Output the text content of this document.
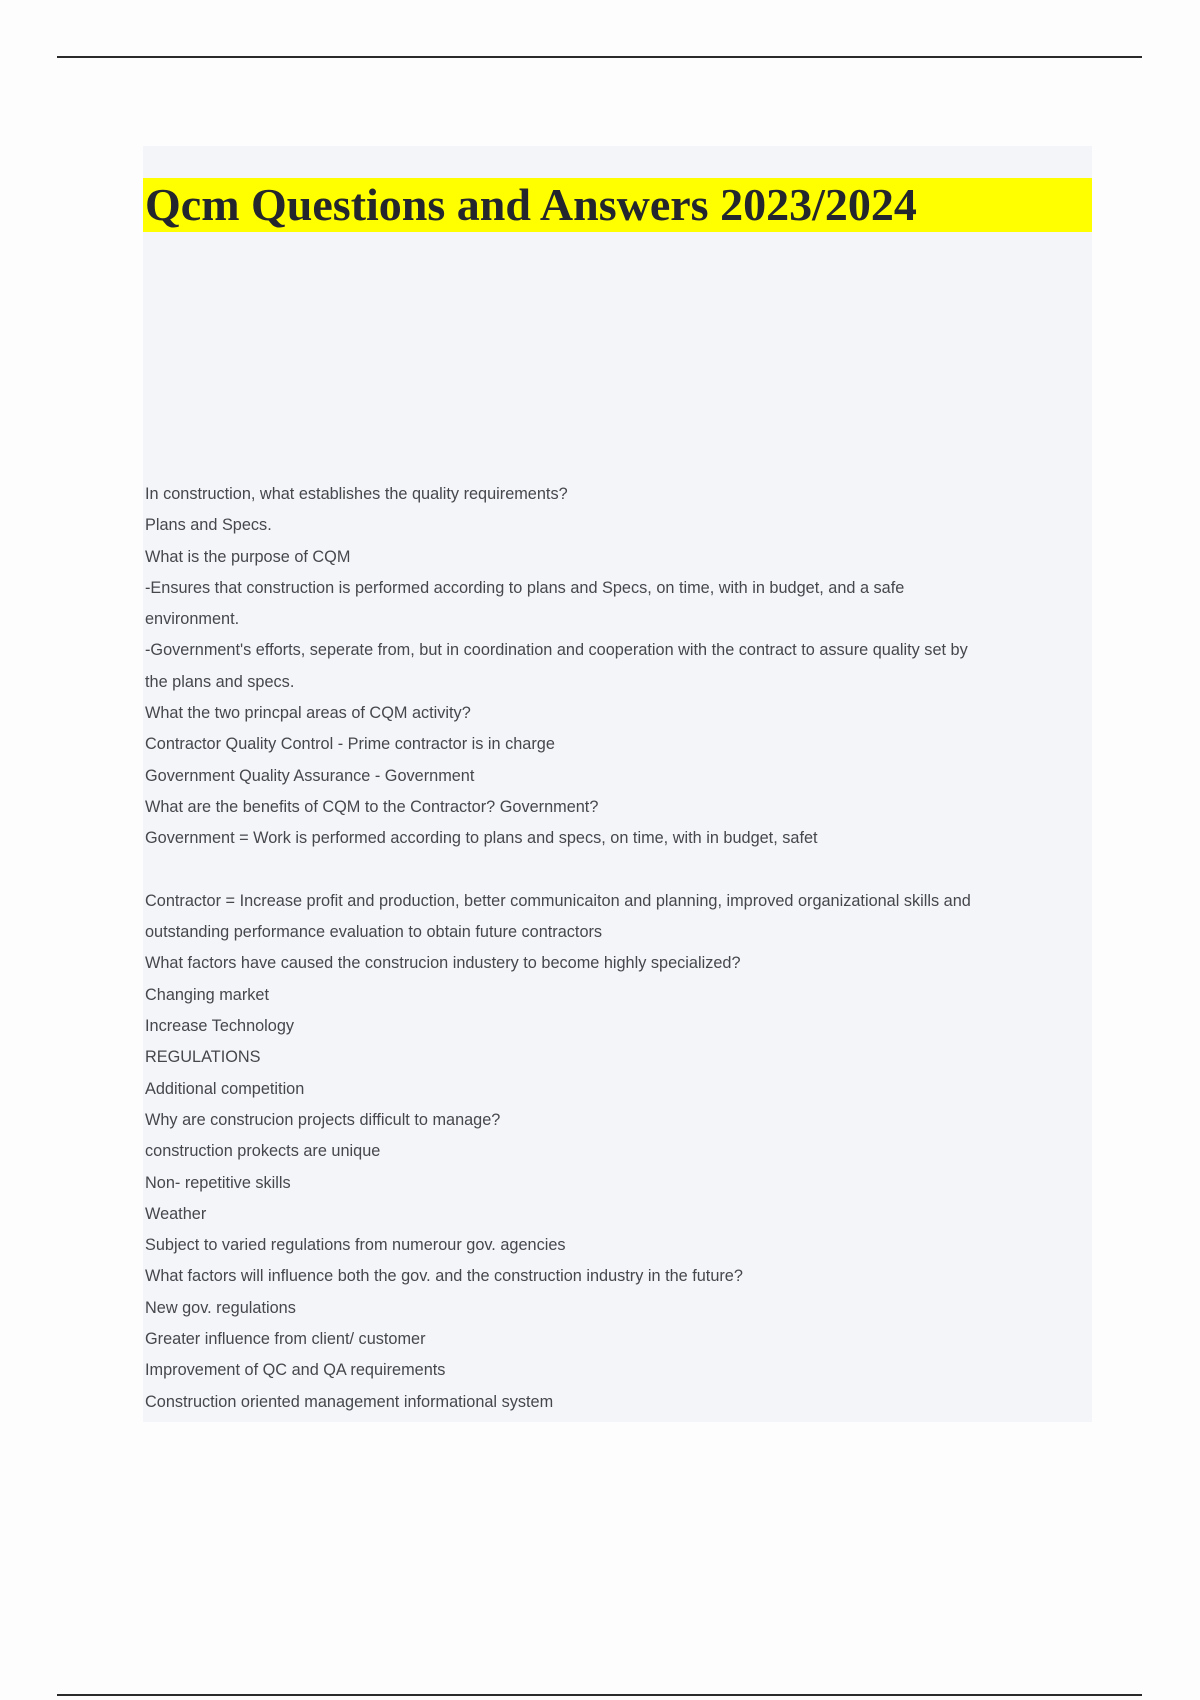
Qcm Questions and Answers 2023/2024
In construction, what establishes the quality requirements?
Plans and Specs.
What is the purpose of CQM
-Ensures that construction is performed according to plans and Specs, on time, with in budget, and a safe
environment.
-Government's efforts, seperate from, but in coordination and cooperation with the contract to assure quality set by
the plans and specs.
What the two princpal areas of CQM activity?
Contractor Quality Control - Prime contractor is in charge
Government Quality Assurance - Government
What are the benefits of CQM to the Contractor? Government?
Government = Work is performed according to plans and specs, on time, with in budget, safet
Contractor = Increase profit and production, better communicaiton and planning, improved organizational skills and
outstanding performance evaluation to obtain future contractors
What factors have caused the construcion industery to become highly specialized?
Changing market
Increase Technology
REGULATIONS
Additional competition
Why are construcion projects difficult to manage?
construction prokects are unique
Non- repetitive skills
Weather
Subject to varied regulations from numerour gov. agencies
What factors will influence both the gov. and the construction industry in the future?
New gov. regulations
Greater influence from client/ customer
Improvement of QC and QA requirements
Construction oriented management informational system
